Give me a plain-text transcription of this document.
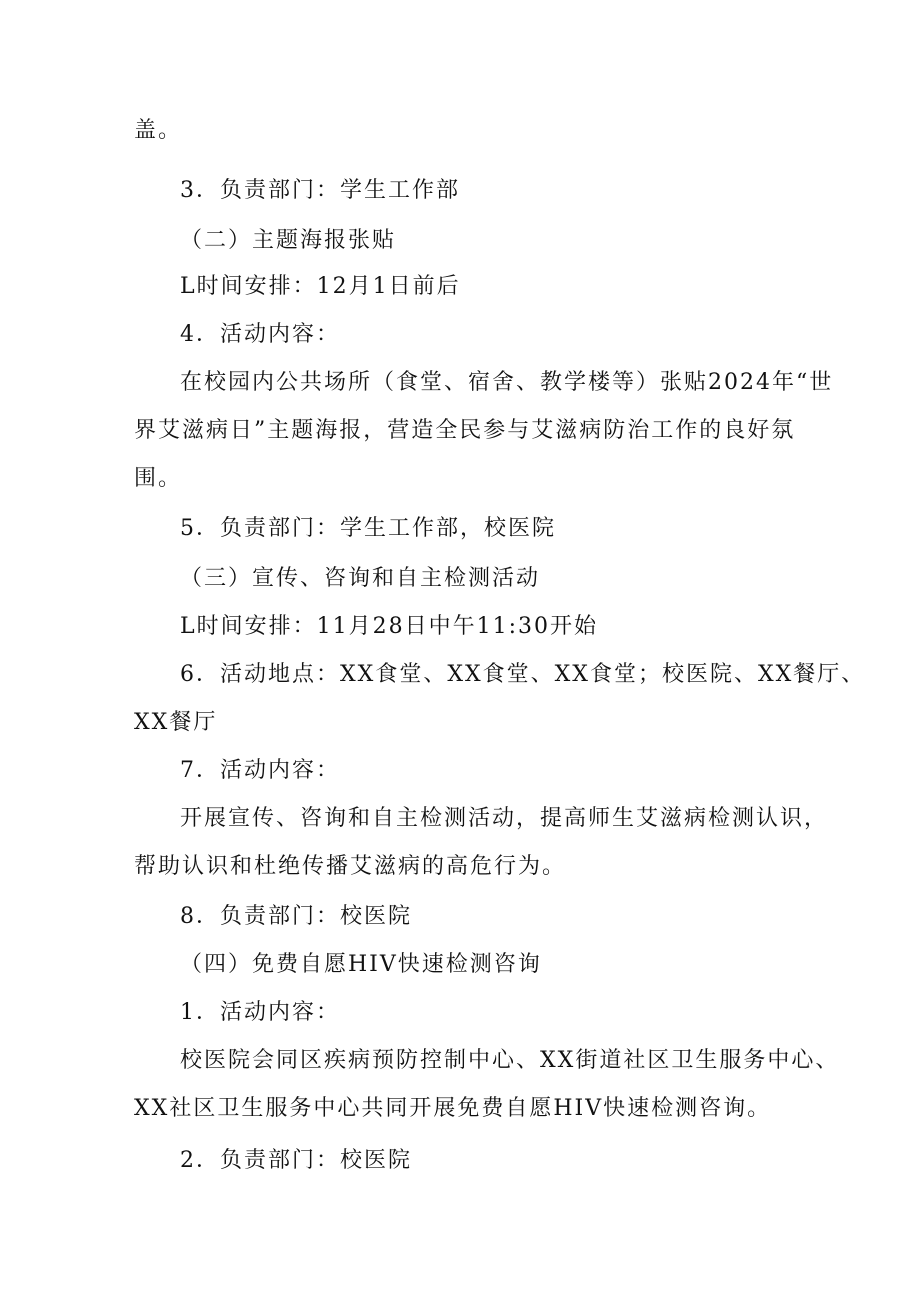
盖。
3．负责部门：学生工作部
（二）主题海报张贴
L时间安排：12月1日前后
4．活动内容：
在校园内公共场所（食堂、宿舍、教学楼等）张贴2024年“世
界艾滋病日”主题海报，营造全民参与艾滋病防治工作的良好氛
围。
5．负责部门：学生工作部，校医院
（三）宣传、咨询和自主检测活动
L时间安排：11月28日中午11:30开始
6．活动地点：XX食堂、XX食堂、XX食堂；校医院、XX餐厅、
XX餐厅
7．活动内容：
开展宣传、咨询和自主检测活动，提高师生艾滋病检测认识，
帮助认识和杜绝传播艾滋病的高危行为。
8．负责部门：校医院
（四）免费自愿HIV快速检测咨询
1．活动内容：
校医院会同区疾病预防控制中心、XX街道社区卫生服务中心、
XX社区卫生服务中心共同开展免费自愿HIV快速检测咨询。
2．负责部门：校医院
